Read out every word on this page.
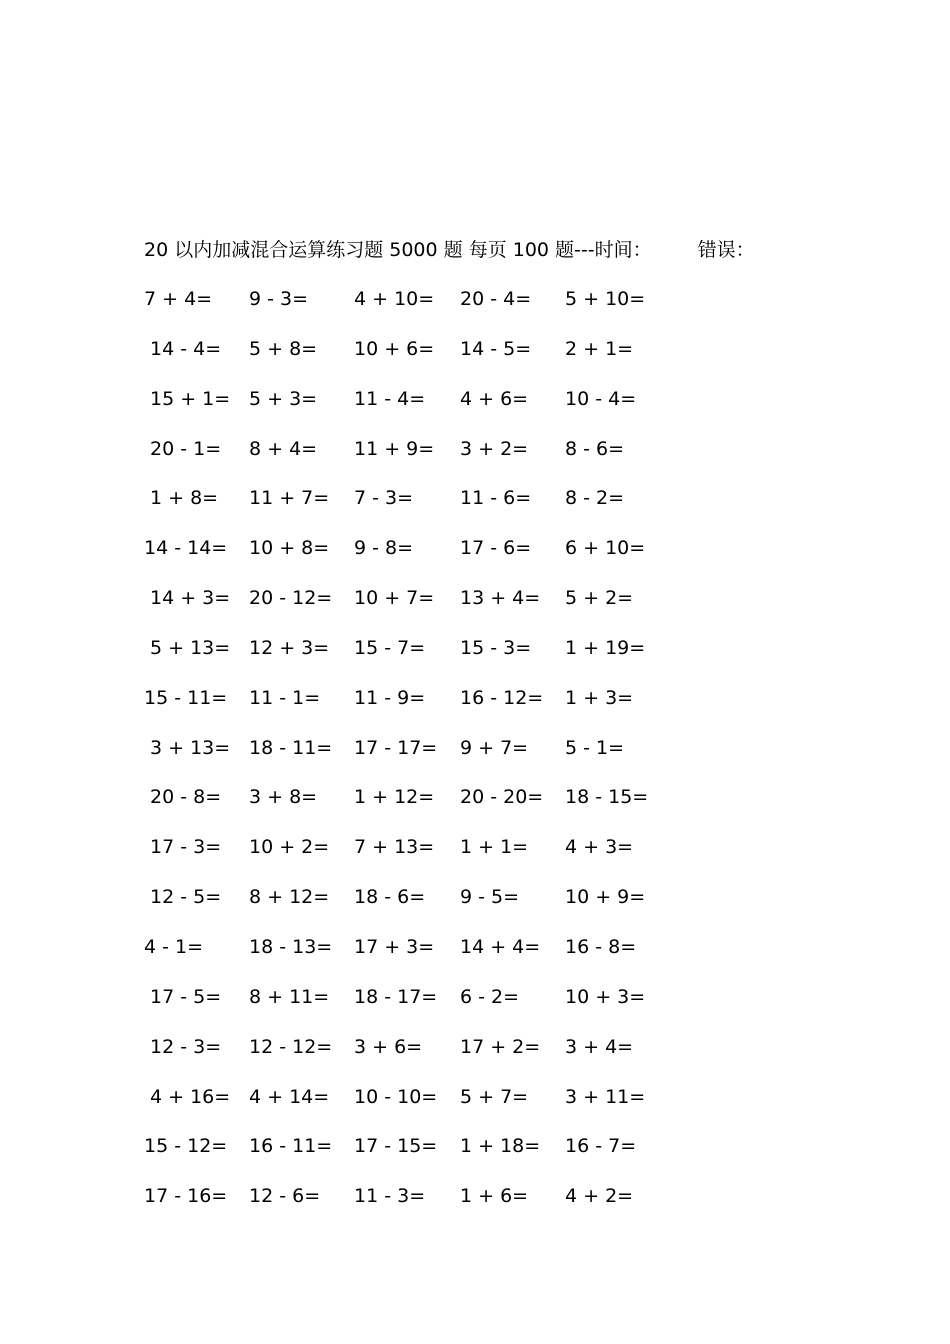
20 以内加减混合运算练习题 5000 题 每页 100 题---时间： 错误：
7 + 4= 9 - 3= 4 + 10= 20 - 4= 5 + 10=
14 - 4= 5 + 8= 10 + 6= 14 - 5= 2 + 1=
15 + 1= 5 + 3= 11 - 4= 4 + 6= 10 - 4=
20 - 1= 8 + 4= 11 + 9= 3 + 2= 8 - 6=
1 + 8= 11 + 7= 7 - 3= 11 - 6= 8 - 2=
14 - 14= 10 + 8= 9 - 8= 17 - 6= 6 + 10=
14 + 3= 20 - 12= 10 + 7= 13 + 4= 5 + 2=
5 + 13= 12 + 3= 15 - 7= 15 - 3= 1 + 19=
15 - 11= 11 - 1= 11 - 9= 16 - 12= 1 + 3=
3 + 13= 18 - 11= 17 - 17= 9 + 7= 5 - 1=
20 - 8= 3 + 8= 1 + 12= 20 - 20= 18 - 15=
17 - 3= 10 + 2= 7 + 13= 1 + 1= 4 + 3=
12 - 5= 8 + 12= 18 - 6= 9 - 5= 10 + 9=
4 - 1= 18 - 13= 17 + 3= 14 + 4= 16 - 8=
17 - 5= 8 + 11= 18 - 17= 6 - 2= 10 + 3=
12 - 3= 12 - 12= 3 + 6= 17 + 2= 3 + 4=
4 + 16= 4 + 14= 10 - 10= 5 + 7= 3 + 11=
15 - 12= 16 - 11= 17 - 15= 1 + 18= 16 - 7=
17 - 16= 12 - 6= 11 - 3= 1 + 6= 4 + 2=
